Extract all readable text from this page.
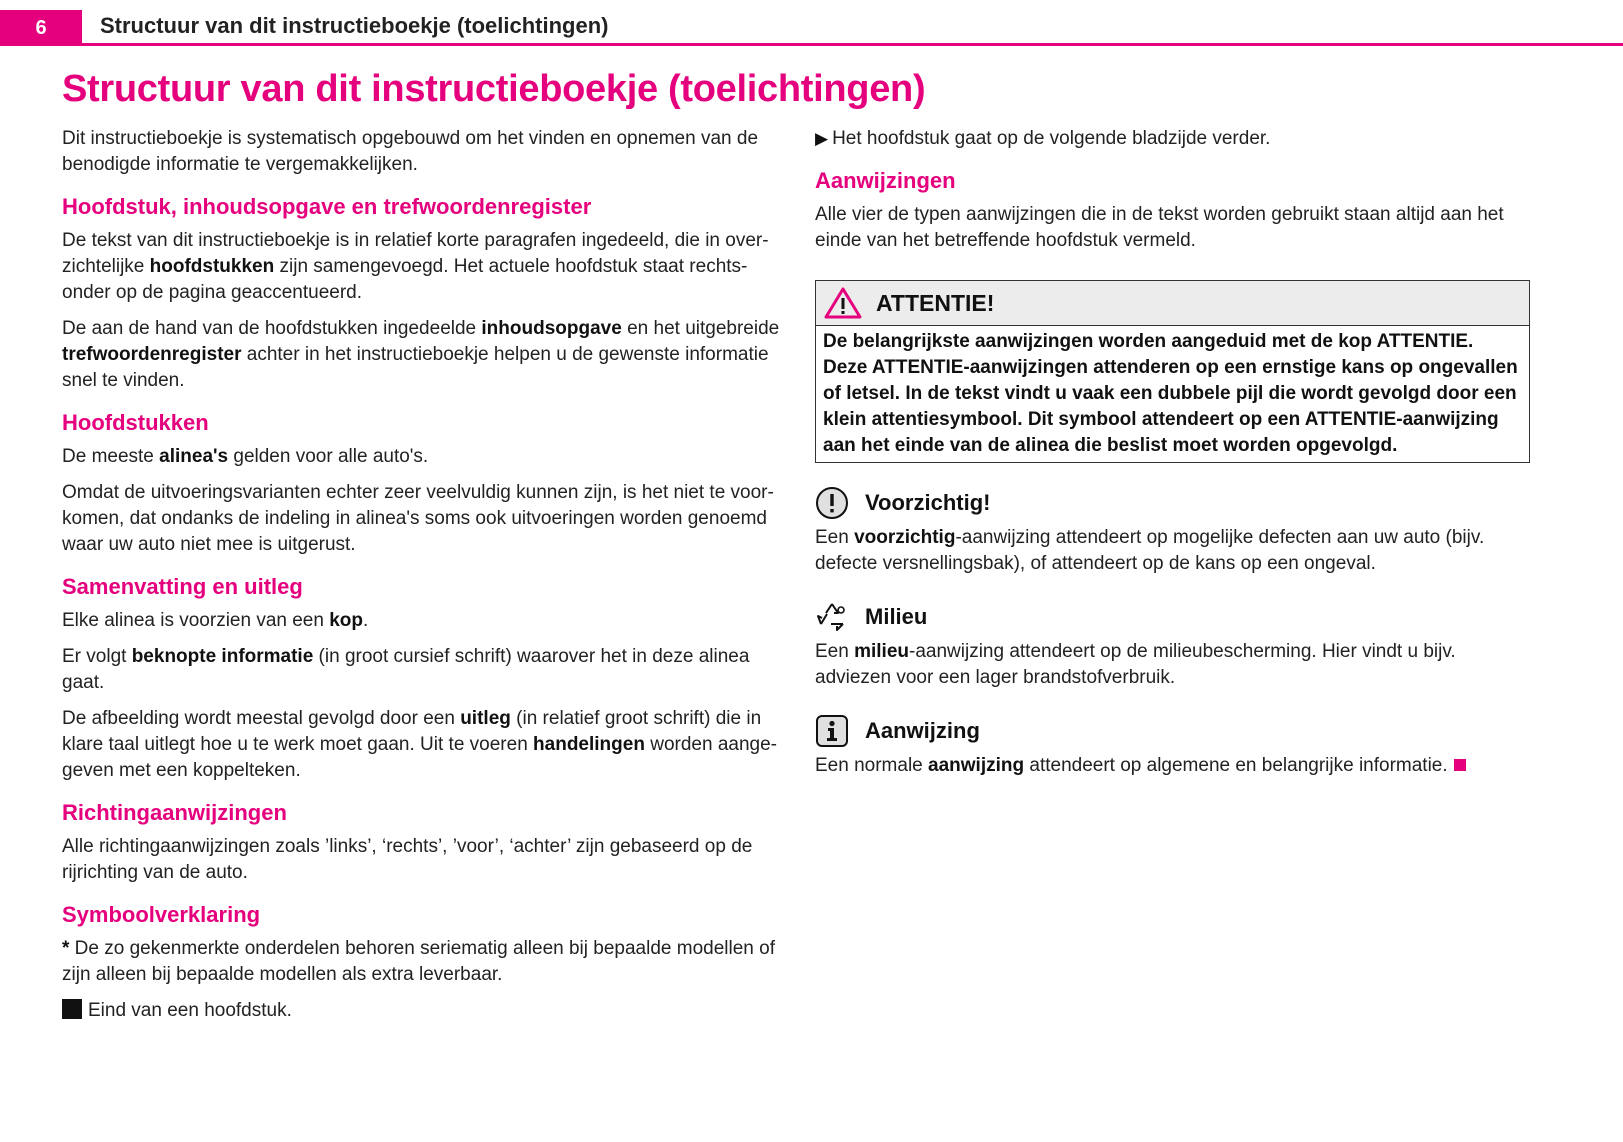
6	Structuur van dit instructieboekje (toelichtingen)
Structuur van dit instructieboekje (toelichtingen)

Dit instructieboekje is systematisch opgebouwd om het vinden en opnemen van de benodigde informatie te vergemakkelijken.

Hoofdstuk, inhoudsopgave en trefwoordenregister

De tekst van dit instructieboekje is in relatief korte paragrafen ingedeeld, die in over-zichtelijke hoofdstukken zijn samengevoegd. Het actuele hoofdstuk staat rechts-onder op de pagina geaccentueerd.

De aan de hand van de hoofdstukken ingedeelde inhoudsopgave en het uitgebreide trefwoordenregister achter in het instructieboekje helpen u de gewenste informatie snel te vinden.

Hoofdstukken

De meeste alinea's gelden voor alle auto's.

Omdat de uitvoeringsvarianten echter zeer veelvuldig kunnen zijn, is het niet te voor-komen, dat ondanks de indeling in alinea's soms ook uitvoeringen worden genoemd waar uw auto niet mee is uitgerust.

Samenvatting en uitleg

Elke alinea is voorzien van een kop.

Er volgt beknopte informatie (in groot cursief schrift) waarover het in deze alinea gaat.

De afbeelding wordt meestal gevolgd door een uitleg (in relatief groot schrift) die in klare taal uitlegt hoe u te werk moet gaan. Uit te voeren handelingen worden aange-geven met een koppelteken.

Richtingaanwijzingen

Alle richtingaanwijzingen zoals ’links’, ‘rechts’, ’voor’, ‘achter’ zijn gebaseerd op de rijrichting van de auto.

Symboolverklaring

* De zo gekenmerkte onderdelen behoren seriematig alleen bij bepaalde modellen of zijn alleen bij bepaalde modellen als extra leverbaar.

Eind van een hoofdstuk.

▶ Het hoofdstuk gaat op de volgende bladzijde verder.

Aanwijzingen

Alle vier de typen aanwijzingen die in de tekst worden gebruikt staan altijd aan het einde van het betreffende hoofdstuk vermeld.

ATTENTIE!
De belangrijkste aanwijzingen worden aangeduid met de kop ATTENTIE. Deze ATTENTIE-aanwijzingen attenderen op een ernstige kans op ongevallen of letsel. In de tekst vindt u vaak een dubbele pijl die wordt gevolgd door een klein attentiesymbool. Dit symbool attendeert op een ATTENTIE-aanwijzing aan het einde van de alinea die beslist moet worden opgevolgd.
Voorzichtig!

Een voorzichtig-aanwijzing attendeert op mogelijke defecten aan uw auto (bijv. defecte versnellingsbak), of attendeert op de kans op een ongeval.

Milieu

Een milieu-aanwijzing attendeert op de milieubescherming. Hier vindt u bijv. adviezen voor een lager brandstofverbruik.

Aanwijzing

Een normale aanwijzing attendeert op algemene en belangrijke informatie.
